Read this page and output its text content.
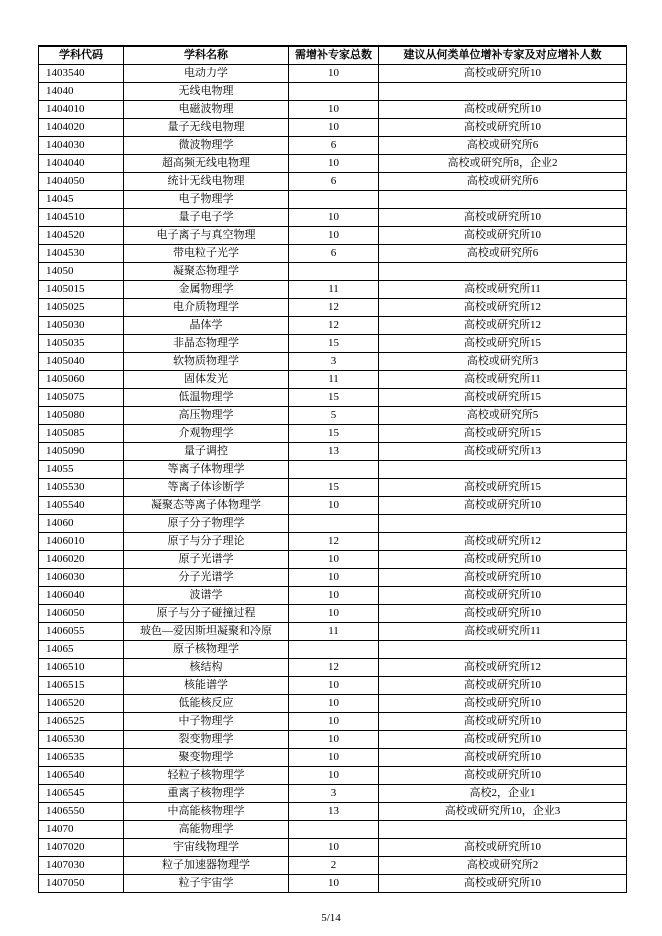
学科代码	学科名称	需增补专家总数	建议从何类单位增补专家及对应增补人数
1403540	电动力学	10	高校或研究所10
14040	无线电物理		
1404010	电磁波物理	10	高校或研究所10
1404020	量子无线电物理	10	高校或研究所10
1404030	微波物理学	6	高校或研究所6
1404040	超高频无线电物理	10	高校或研究所8，企业2
1404050	统计无线电物理	6	高校或研究所6
14045	电子物理学		
1404510	量子电子学	10	高校或研究所10
1404520	电子离子与真空物理	10	高校或研究所10
1404530	带电粒子光学	6	高校或研究所6
14050	凝聚态物理学		
1405015	金属物理学	11	高校或研究所11
1405025	电介质物理学	12	高校或研究所12
1405030	晶体学	12	高校或研究所12
1405035	非晶态物理学	15	高校或研究所15
1405040	软物质物理学	3	高校或研究所3
1405060	固体发光	11	高校或研究所11
1405075	低温物理学	15	高校或研究所15
1405080	高压物理学	5	高校或研究所5
1405085	介观物理学	15	高校或研究所15
1405090	量子调控	13	高校或研究所13
14055	等离子体物理学		
1405530	等离子体诊断学	15	高校或研究所15
1405540	凝聚态等离子体物理学	10	高校或研究所10
14060	原子分子物理学		
1406010	原子与分子理论	12	高校或研究所12
1406020	原子光谱学	10	高校或研究所10
1406030	分子光谱学	10	高校或研究所10
1406040	波谱学	10	高校或研究所10
1406050	原子与分子碰撞过程	10	高校或研究所10
1406055	玻色—爱因斯坦凝聚和冷原	11	高校或研究所11
14065	原子核物理学		
1406510	核结构	12	高校或研究所12
1406515	核能谱学	10	高校或研究所10
1406520	低能核反应	10	高校或研究所10
1406525	中子物理学	10	高校或研究所10
1406530	裂变物理学	10	高校或研究所10
1406535	聚变物理学	10	高校或研究所10
1406540	轻粒子核物理学	10	高校或研究所10
1406545	重离子核物理学	3	高校2，企业1
1406550	中高能核物理学	13	高校或研究所10，企业3
14070	高能物理学		
1407020	宇宙线物理学	10	高校或研究所10
1407030	粒子加速器物理学	2	高校或研究所2
1407050	粒子宇宙学	10	高校或研究所10
5/14
